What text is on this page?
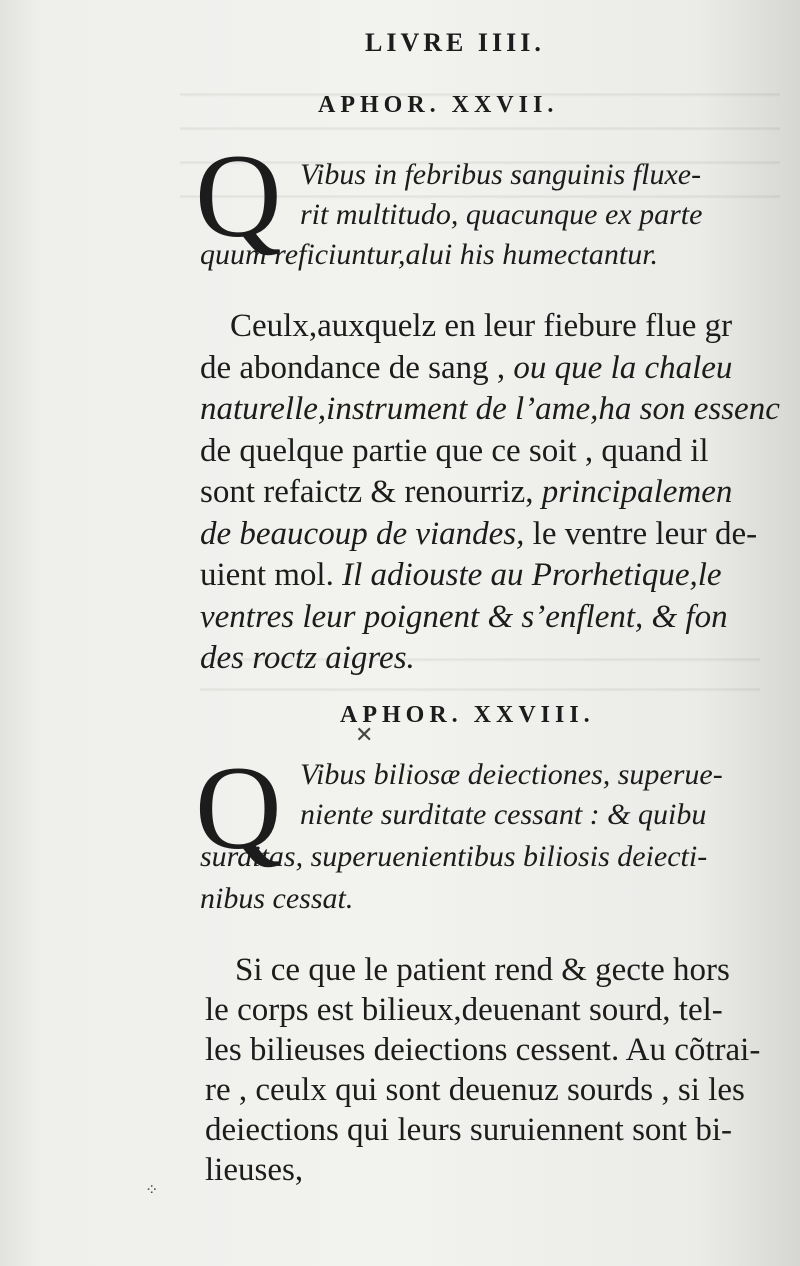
LIVRE IIII.
APHOR. XXVII.
Q Vibus in febribus sanguinis fluxe-
rit multitudo, quacunque ex parte
quum reficiuntur,alui his humectantur.
Ceulx,auxquelz en leur fiebure flue gr
de abondance de sang , ou que la chaleu
naturelle,instrument de l’ame,ha son essenc
de quelque partie que ce soit , quand il
sont refaictz & renourriz, principalemen
de beaucoup de viandes, le ventre leur de-
uient mol. Il adiouste au Prorhetique,le
ventres leur poignent & s’enflent, & fon
des roctz aigres.
APHOR. XXVIII.
Q Vibus biliosæ deiectiones, superue-
niente surditate cessant : & quibu
surditas, superuenientibus biliosis deiecti-
nibus cessat.
Si ce que le patient rend & gecte hors
le corps est bilieux,deuenant sourd, tel-
les bilieuses deiections cessent. Au cõtrai-
re , ceulx qui sont deuenuz sourds , si les
deiections qui leurs suruiennent sont bi-
lieuses,
✕
⁘
